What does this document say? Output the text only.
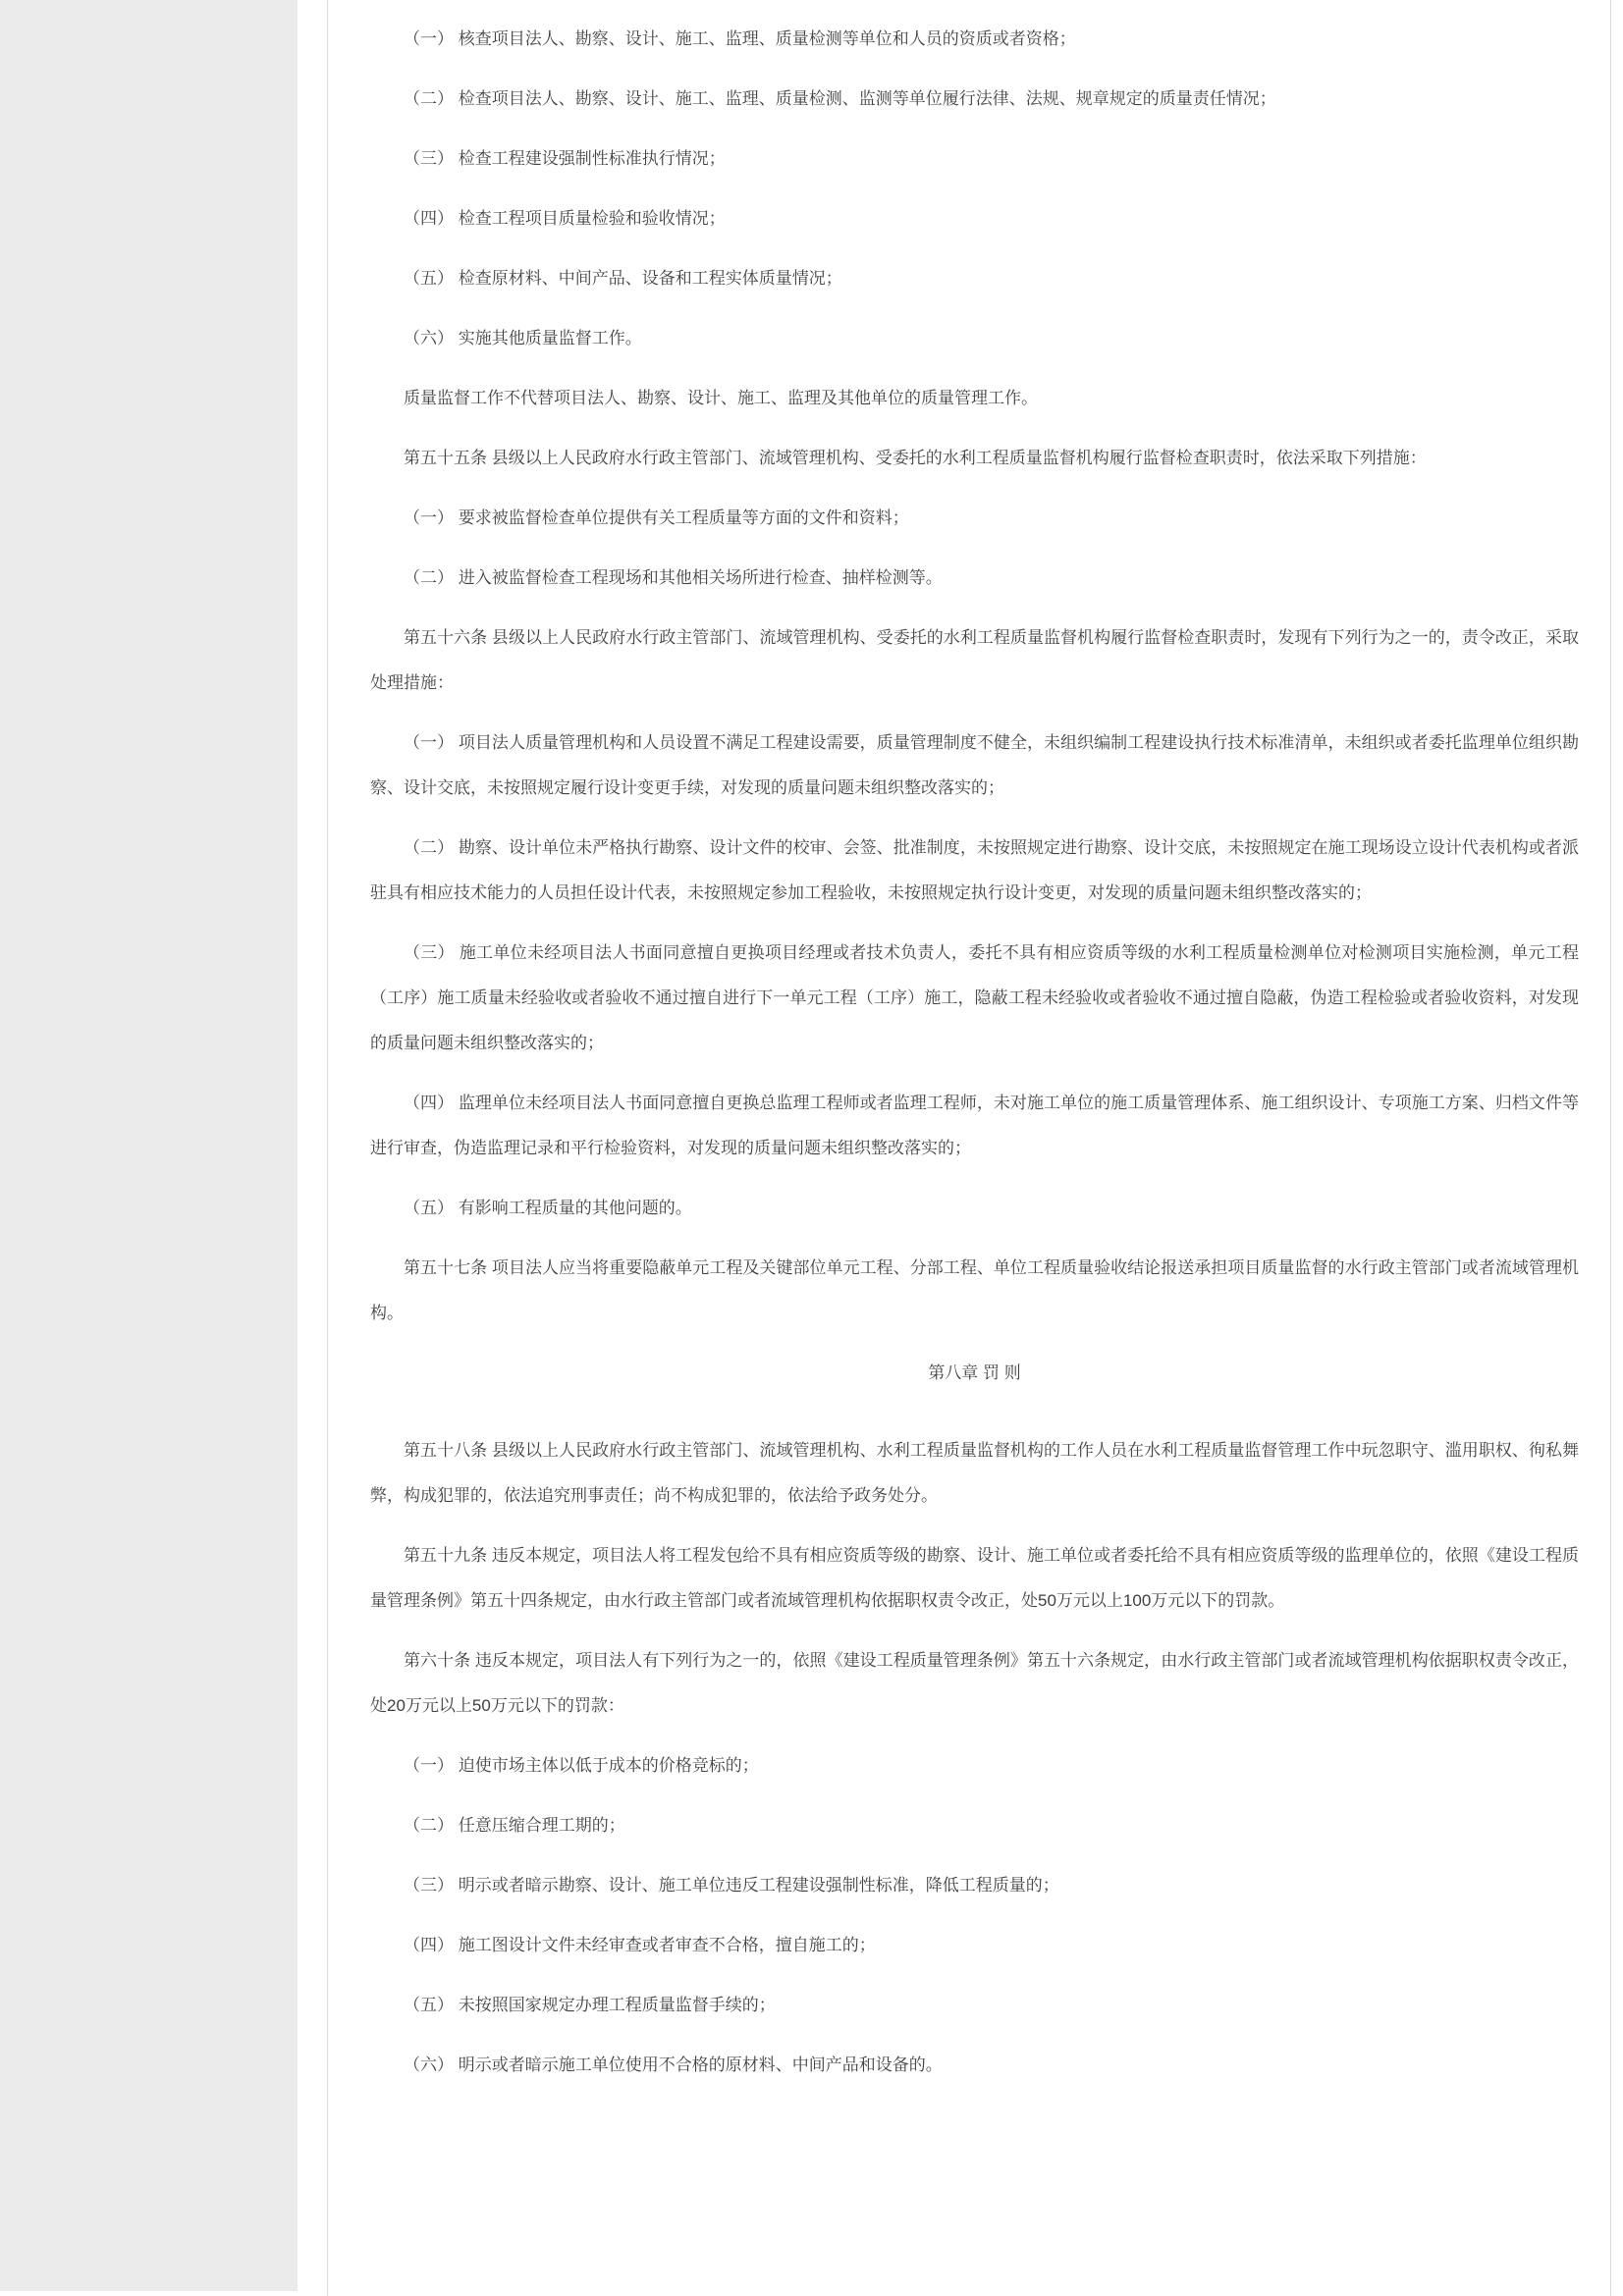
（一） 核查项目法人、勘察、设计、施工、监理、质量检测等单位和人员的资质或者资格；

（二） 检查项目法人、勘察、设计、施工、监理、质量检测、监测等单位履行法律、法规、规章规定的质量责任情况；

（三） 检查工程建设强制性标准执行情况；

（四） 检查工程项目质量检验和验收情况；

（五） 检查原材料、中间产品、设备和工程实体质量情况；

（六） 实施其他质量监督工作。

质量监督工作不代替项目法人、勘察、设计、施工、监理及其他单位的质量管理工作。

第五十五条 县级以上人民政府水行政主管部门、流域管理机构、受委托的水利工程质量监督机构履行监督检查职责时，依法采取下列措施：

（一） 要求被监督检查单位提供有关工程质量等方面的文件和资料；

（二） 进入被监督检查工程现场和其他相关场所进行检查、抽样检测等。

第五十六条 县级以上人民政府水行政主管部门、流域管理机构、受委托的水利工程质量监督机构履行监督检查职责时，发现有下列行为之一的，责令改正，采取处理措施：

（一） 项目法人质量管理机构和人员设置不满足工程建设需要，质量管理制度不健全，未组织编制工程建设执行技术标准清单，未组织或者委托监理单位组织勘察、设计交底，未按照规定履行设计变更手续，对发现的质量问题未组织整改落实的；

（二） 勘察、设计单位未严格执行勘察、设计文件的校审、会签、批准制度，未按照规定进行勘察、设计交底，未按照规定在施工现场设立设计代表机构或者派驻具有相应技术能力的人员担任设计代表，未按照规定参加工程验收，未按照规定执行设计变更，对发现的质量问题未组织整改落实的；

（三） 施工单位未经项目法人书面同意擅自更换项目经理或者技术负责人，委托不具有相应资质等级的水利工程质量检测单位对检测项目实施检测，单元工程（工序）施工质量未经验收或者验收不通过擅自进行下一单元工程（工序）施工，隐蔽工程未经验收或者验收不通过擅自隐蔽，伪造工程检验或者验收资料，对发现的质量问题未组织整改落实的；

（四） 监理单位未经项目法人书面同意擅自更换总监理工程师或者监理工程师，未对施工单位的施工质量管理体系、施工组织设计、专项施工方案、归档文件等进行审查，伪造监理记录和平行检验资料，对发现的质量问题未组织整改落实的；

（五） 有影响工程质量的其他问题的。

第五十七条 项目法人应当将重要隐蔽单元工程及关键部位单元工程、分部工程、单位工程质量验收结论报送承担项目质量监督的水行政主管部门或者流域管理机构。

第八章 罚 则

第五十八条 县级以上人民政府水行政主管部门、流域管理机构、水利工程质量监督机构的工作人员在水利工程质量监督管理工作中玩忽职守、滥用职权、徇私舞弊，构成犯罪的，依法追究刑事责任；尚不构成犯罪的，依法给予政务处分。

第五十九条 违反本规定，项目法人将工程发包给不具有相应资质等级的勘察、设计、施工单位或者委托给不具有相应资质等级的监理单位的，依照《建设工程质量管理条例》第五十四条规定，由水行政主管部门或者流域管理机构依据职权责令改正，处50万元以上100万元以下的罚款。

第六十条 违反本规定，项目法人有下列行为之一的，依照《建设工程质量管理条例》第五十六条规定，由水行政主管部门或者流域管理机构依据职权责令改正，处20万元以上50万元以下的罚款：

（一） 迫使市场主体以低于成本的价格竞标的；

（二） 任意压缩合理工期的；

（三） 明示或者暗示勘察、设计、施工单位违反工程建设强制性标准，降低工程质量的；

（四） 施工图设计文件未经审查或者审查不合格，擅自施工的；

（五） 未按照国家规定办理工程质量监督手续的；

（六） 明示或者暗示施工单位使用不合格的原材料、中间产品和设备的。
